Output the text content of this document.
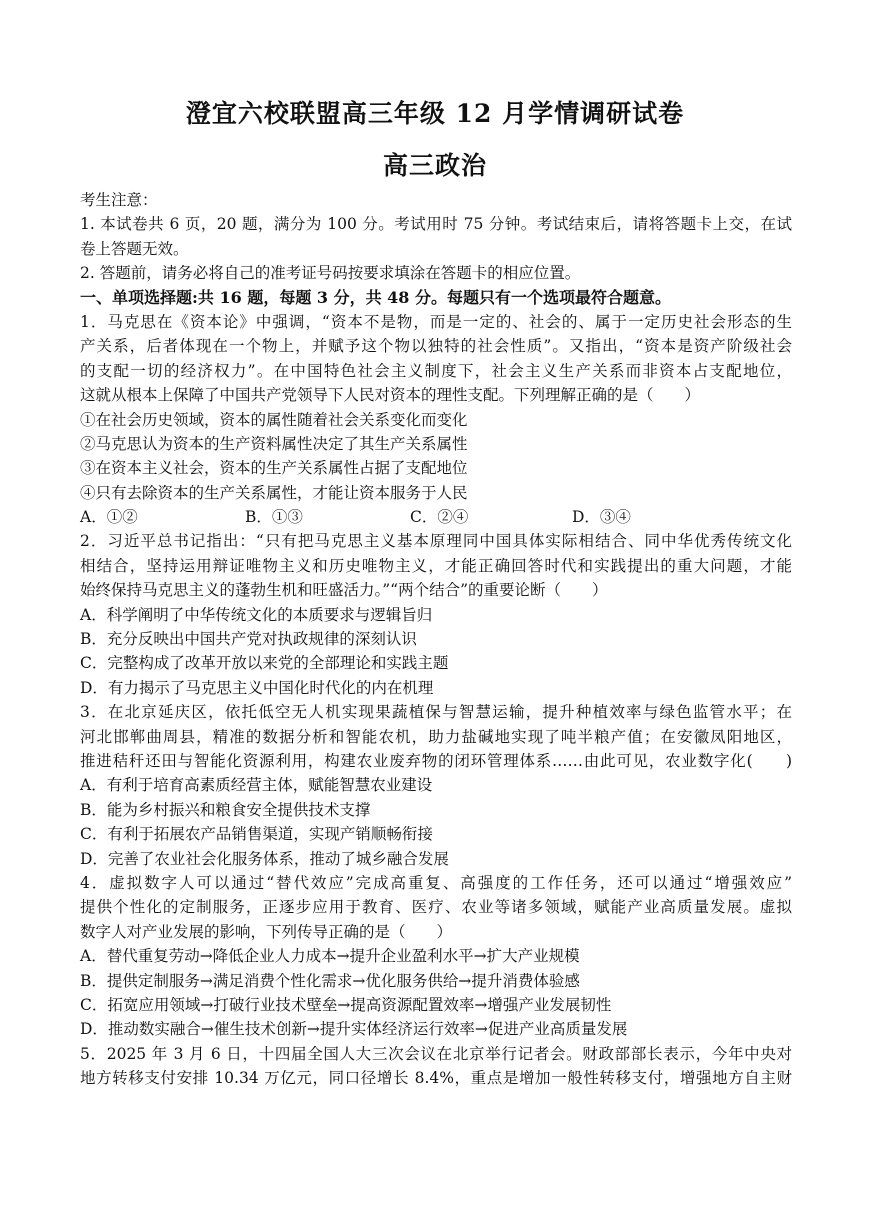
澄宜六校联盟高三年级 12 月学情调研试卷
高三政治
考生注意：
1. 本试卷共 6 页，20 题，满分为 100 分。考试用时 75 分钟。考试结束后，请将答题卡上交，在试
卷上答题无效。
2. 答题前，请务必将自己的准考证号码按要求填涂在答题卡的相应位置。
一、单项选择题:共 16 题，每题 3 分，共 48 分。每题只有一个选项最符合题意。
1．马克思在《资本论》中强调，“资本不是物，而是一定的、社会的、属于一定历史社会形态的生
产关系，后者体现在一个物上，并赋予这个物以独特的社会性质”。又指出，“资本是资产阶级社会
的支配一切的经济权力”。在中国特色社会主义制度下，社会主义生产关系而非资本占支配地位，
这就从根本上保障了中国共产党领导下人民对资本的理性支配。下列理解正确的是（　　）
①在社会历史领域，资本的属性随着社会关系变化而变化
②马克思认为资本的生产资料属性决定了其生产关系属性
③在资本主义社会，资本的生产关系属性占据了支配地位
④只有去除资本的生产关系属性，才能让资本服务于人民
A．①②	B．①③	C．②④	D．③④
2．习近平总书记指出：“只有把马克思主义基本原理同中国具体实际相结合、同中华优秀传统文化
相结合，坚持运用辩证唯物主义和历史唯物主义，才能正确回答时代和实践提出的重大问题，才能
始终保持马克思主义的蓬勃生机和旺盛活力。”“两个结合”的重要论断（　　）
A．科学阐明了中华传统文化的本质要求与逻辑旨归
B．充分反映出中国共产党对执政规律的深刻认识
C．完整构成了改革开放以来党的全部理论和实践主题
D．有力揭示了马克思主义中国化时代化的内在机理
3．在北京延庆区，依托低空无人机实现果蔬植保与智慧运输，提升种植效率与绿色监管水平；在
河北邯郸曲周县，精准的数据分析和智能农机，助力盐碱地实现了吨半粮产值；在安徽凤阳地区，
推进秸秆还田与智能化资源利用，构建农业废弃物的闭环管理体系……由此可见，农业数字化(　　)
A．有利于培育高素质经营主体，赋能智慧农业建设
B．能为乡村振兴和粮食安全提供技术支撑
C．有利于拓展农产品销售渠道，实现产销顺畅衔接
D．完善了农业社会化服务体系，推动了城乡融合发展
4．虚拟数字人可以通过“替代效应”完成高重复、高强度的工作任务，还可以通过“增强效应”
提供个性化的定制服务，正逐步应用于教育、医疗、农业等诸多领域，赋能产业高质量发展。虚拟
数字人对产业发展的影响，下列传导正确的是（　　）
A．替代重复劳动→降低企业人力成本→提升企业盈利水平→扩大产业规模
B．提供定制服务→满足消费个性化需求→优化服务供给→提升消费体验感
C．拓宽应用领域→打破行业技术壁垒→提高资源配置效率→增强产业发展韧性
D．推动数实融合→催生技术创新→提升实体经济运行效率→促进产业高质量发展
5．2025 年 3 月 6 日，十四届全国人大三次会议在北京举行记者会。财政部部长表示，今年中央对
地方转移支付安排 10.34 万亿元，同口径增长 8.4%，重点是增加一般性转移支付，增强地方自主财
